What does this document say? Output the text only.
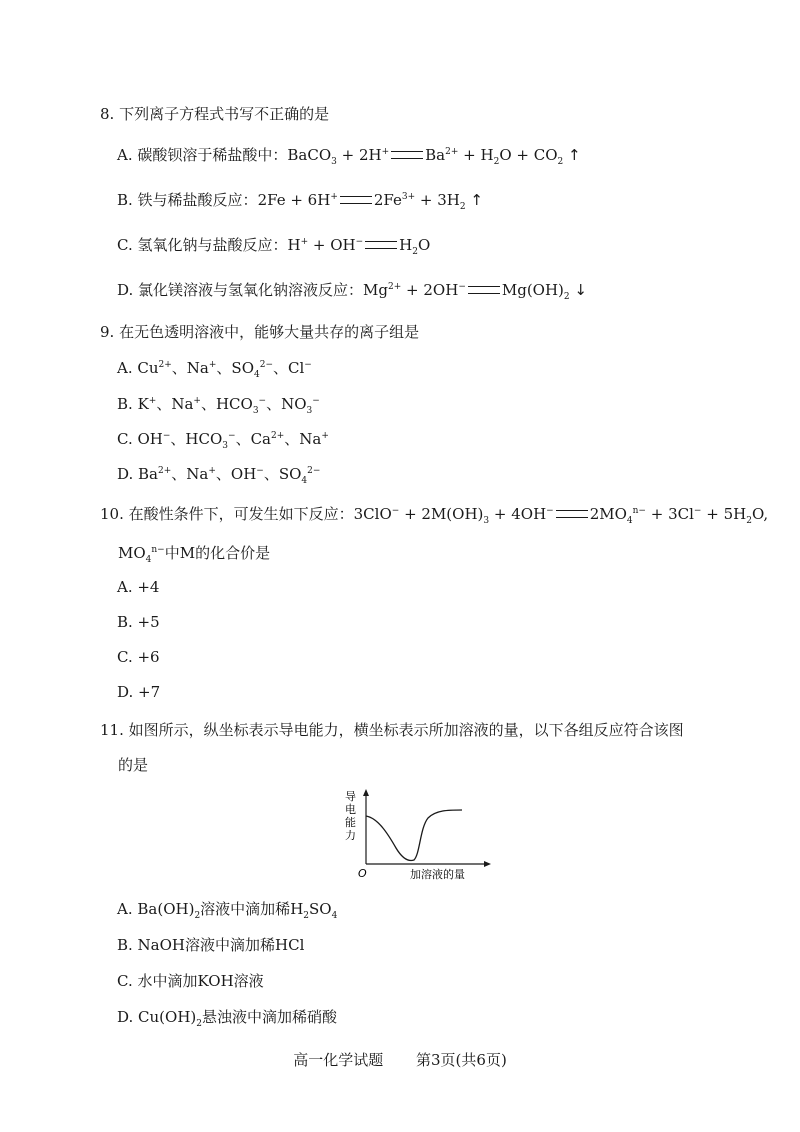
8. 下列离子方程式书写不正确的是
A. 碳酸钡溶于稀盐酸中：BaCO$_3$ + 2H+ $Ba^{2+} + H_2O + CO_2$ ↑
B. 铁与稀盐酸反应：2Fe + 6H+ $2Fe^{3+} + 3H_2$ ↑
C. 氢氧化钠与盐酸反应：H+ + OH− $H_2O$
D. 氯化镁溶液与氢氧化钠溶液反应：$Mg^{2+} + 2OH^-$ $Mg(OH)_2$ ↓
9. 在无色透明溶液中，能够大量共存的离子组是
A. $Cu^{2+}$、Na+、$SO_4^{2-}$、Cl−
B. K+、Na+、$HCO_3^-$、$NO_3^-$
C. OH−、$HCO_3^-$、$Ca^{2+}$、Na+
D. $Ba^{2+}$、Na+、OH−、$SO_4^{2-}$
10. 在酸性条件下，可发生如下反应：$3ClO^- + 2M(OH)_3 + 4OH^-$ $2MO_4^{n-} + 3Cl^- + 5H_2O$,
$MO_4^{n-}$中M的化合价是
A. +4
B. +5
C. +6
D. +7
11. 如图所示，纵坐标表示导电能力，横坐标表示所加溶液的量，以下各组反应符合该图
的是
导
电
能
力
O	加溶液的量
A. $Ba(OH)_2$溶液中滴加稀$H_2SO_4$
B. NaOH溶液中滴加稀HCl
C. 水中滴加KOH溶液
D. $Cu(OH)_2$悬浊液中滴加稀硝酸
高一化学试题 第3页(共6页)
